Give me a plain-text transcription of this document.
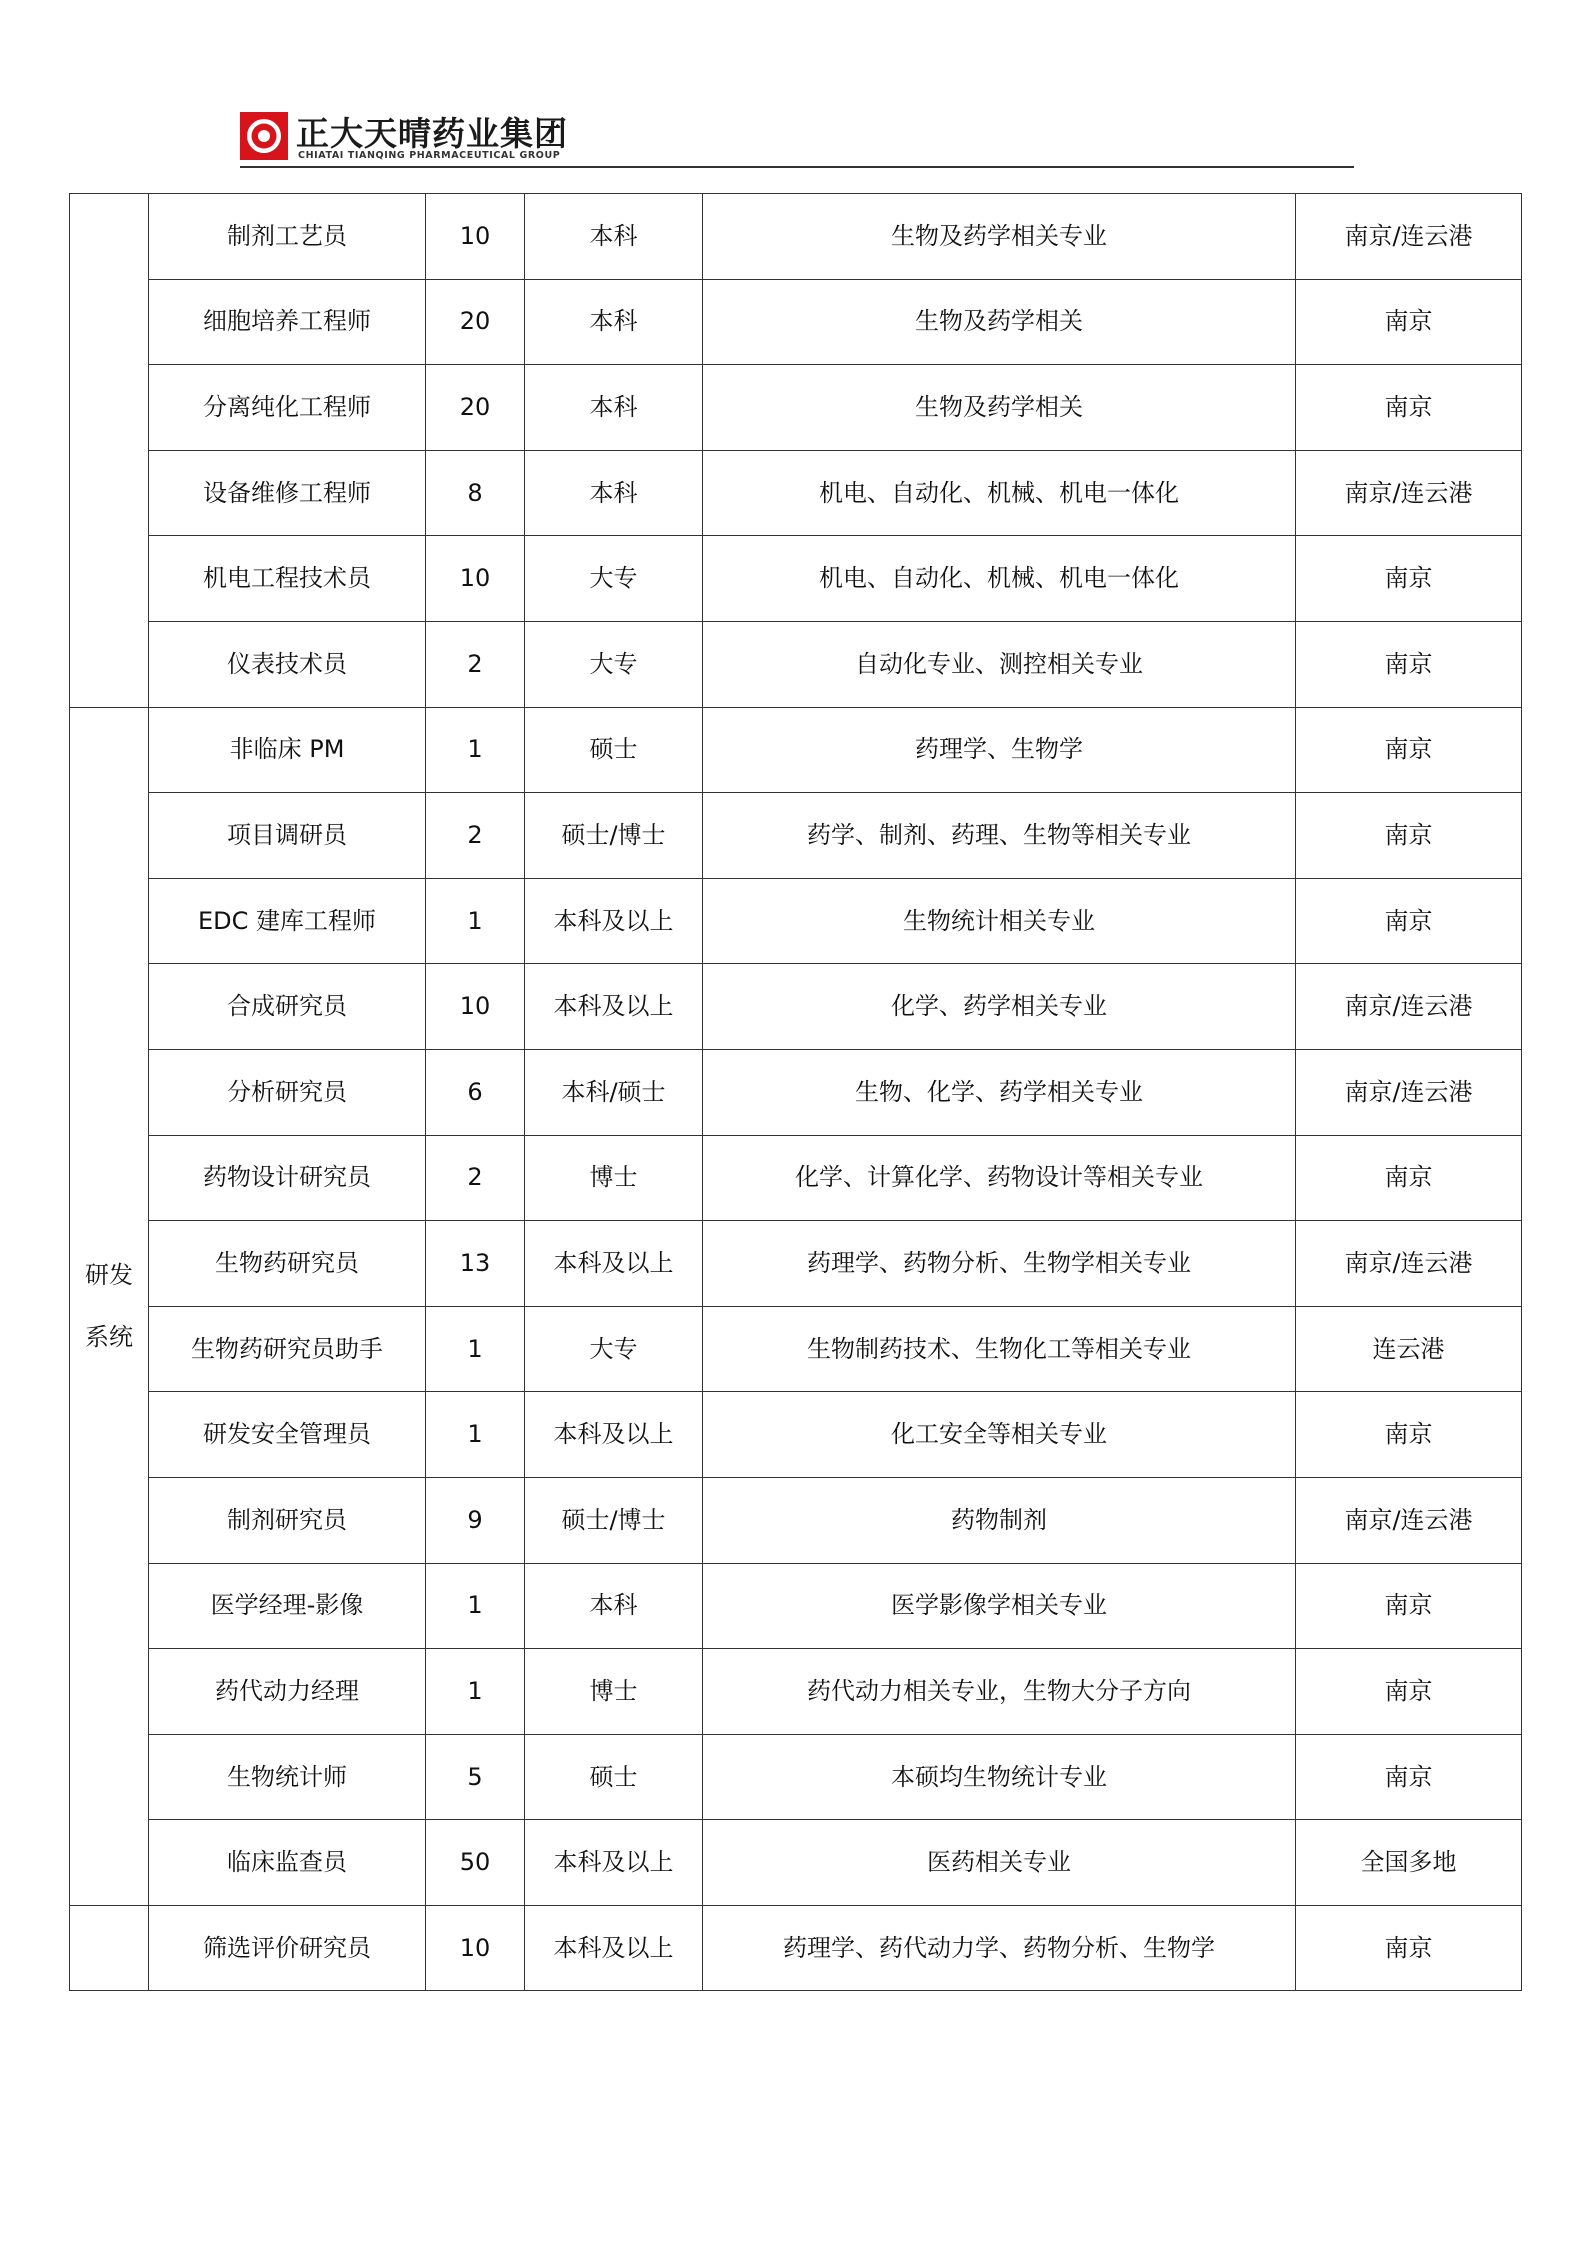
正大天晴药业集团
CHIATAI TIANQING PHARMACEUTICAL GROUP
	制剂工艺员	10	本科	生物及药学相关专业	南京/连云港
	细胞培养工程师	20	本科	生物及药学相关	南京
	分离纯化工程师	20	本科	生物及药学相关	南京
	设备维修工程师	8	本科	机电、自动化、机械、机电一体化	南京/连云港
	机电工程技术员	10	大专	机电、自动化、机械、机电一体化	南京
	仪表技术员	2	大专	自动化专业、测控相关专业	南京

研发
系统	非临床 PM	1	硕士	药理学、生物学	南京
	项目调研员	2	硕士/博士	药学、制剂、药理、生物等相关专业	南京
	EDC 建库工程师	1	本科及以上	生物统计相关专业	南京
	合成研究员	10	本科及以上	化学、药学相关专业	南京/连云港
	分析研究员	6	本科/硕士	生物、化学、药学相关专业	南京/连云港
	药物设计研究员	2	博士	化学、计算化学、药物设计等相关专业	南京
	生物药研究员	13	本科及以上	药理学、药物分析、生物学相关专业	南京/连云港
	生物药研究员助手	1	大专	生物制药技术、生物化工等相关专业	连云港
	研发安全管理员	1	本科及以上	化工安全等相关专业	南京
	制剂研究员	9	硕士/博士	药物制剂	南京/连云港
	医学经理-影像	1	本科	医学影像学相关专业	南京
	药代动力经理	1	博士	药代动力相关专业，生物大分子方向	南京
	生物统计师	5	硕士	本硕均生物统计专业	南京
	临床监查员	50	本科及以上	医药相关专业	全国多地
	筛选评价研究员	10	本科及以上	药理学、药代动力学、药物分析、生物学	南京
